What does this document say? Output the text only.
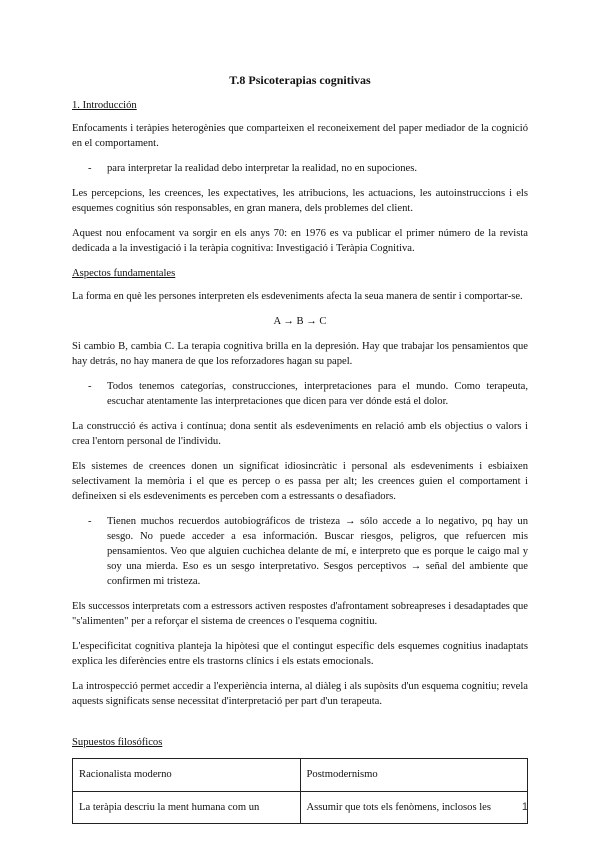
T.8 Psicoterapias cognitivas
1. Introducción

Enfocaments i teràpies heterogènies que comparteixen el reconeixement del paper mediador de la cognició en el comportament.

- para interpretar la realidad debo interpretar la realidad, no en supociones.

Les percepcions, les creences, les expectatives, les atribucions, les actuacions, les autoinstruccions i els esquemes cognitius són responsables, en gran manera, dels problemes del client.

Aquest nou enfocament va sorgir en els anys 70: en 1976 es va publicar el primer número de la revista dedicada a la investigació i la teràpia cognitiva: Investigació i Teràpia Cognitiva.

Aspectos fundamentales

La forma en què les persones interpreten els esdeveniments afecta la seua manera de sentir i comportar-se.

A → B → C

Si cambio B, cambia C. La terapia cognitiva brilla en la depresión. Hay que trabajar los pensamientos que hay detrás, no hay manera de que los reforzadores hagan su papel.

- Todos tenemos categorías, construcciones, interpretaciones para el mundo. Como terapeuta, escuchar atentamente las interpretaciones que dicen para ver dónde está el dolor.

La construcció és activa i contínua; dona sentit als esdeveniments en relació amb els objectius o valors i crea l'entorn personal de l'individu.

Els sistemes de creences donen un significat idiosincràtic i personal als esdeveniments i esbiaixen selectivament la memòria i el que es percep o es passa per alt; les creences guien el comportament i defineixen si els esdeveniments es perceben com a estressants o desafiadors.

- Tienen muchos recuerdos autobiográficos de tristeza → sólo accede a lo negativo, pq hay un sesgo. No puede acceder a esa información. Buscar riesgos, peligros, que refuercen mis pensamientos. Veo que alguien cuchichea delante de mí, e interpreto que es porque le caigo mal y soy una mierda. Eso es un sesgo interpretativo. Sesgos perceptivos → señal del ambiente que confirmen mi tristeza.

Els successos interpretats com a estressors activen respostes d'afrontament sobreapreses i desadaptades que "s'alimenten" per a reforçar el sistema de creences o l'esquema cognitiu.

L'especificitat cognitiva planteja la hipòtesi que el contingut específic dels esquemes cognitius inadaptats explica les diferències entre els trastorns clínics i els estats emocionals.

La introspecció permet accedir a l'experiència interna, al diàleg i als supòsits d'un esquema cognitiu; revela aquests significats sense necessitat d'interpretació per part d'un terapeuta.

Supuestos filosóficos
Racionalista moderno	Postmodernismo
La teràpia descriu la ment humana com un	Assumir que tots els fenòmens, inclosos les	1
